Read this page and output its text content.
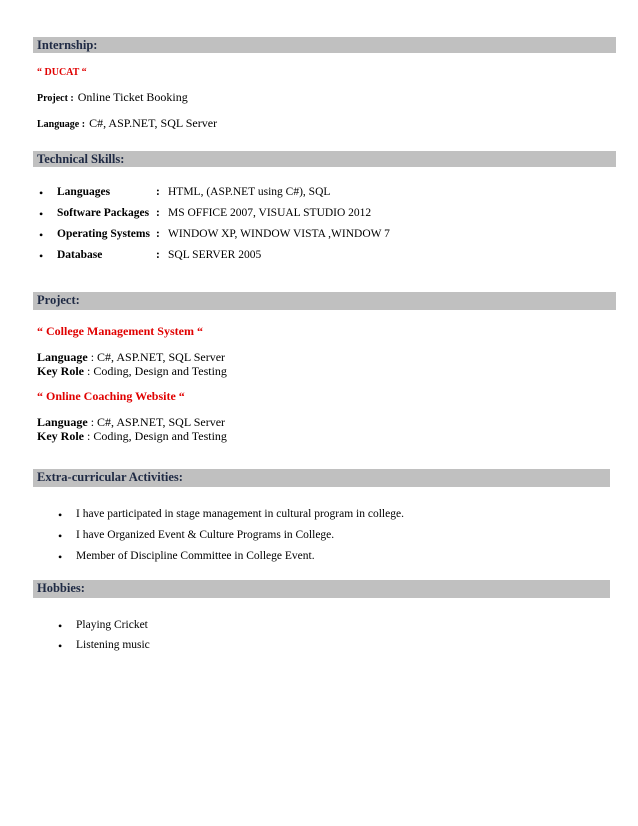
Internship:
“ DUCAT “
Project : Online Ticket Booking
Language : C#, ASP.NET, SQL Server
Technical Skills:
• Languages	: HTML, (ASP.NET using C#), SQL
• Software Packages : MS OFFICE 2007, VISUAL STUDIO 2012
• Operating Systems : WINDOW XP, WINDOW VISTA ,WINDOW 7
• Database	: SQL SERVER 2005
Project:
“ College Management System “
Language : C#, ASP.NET, SQL Server
Key Role : Coding, Design and Testing
“ Online Coaching Website “
Language : C#, ASP.NET, SQL Server
Key Role : Coding, Design and Testing
Extra-curricular Activities:
• I have participated in stage management in cultural program in college.
• I have Organized Event & Culture Programs in College.
• Member of Discipline Committee in College Event.
Hobbies:
• Playing Cricket
• Listening music
